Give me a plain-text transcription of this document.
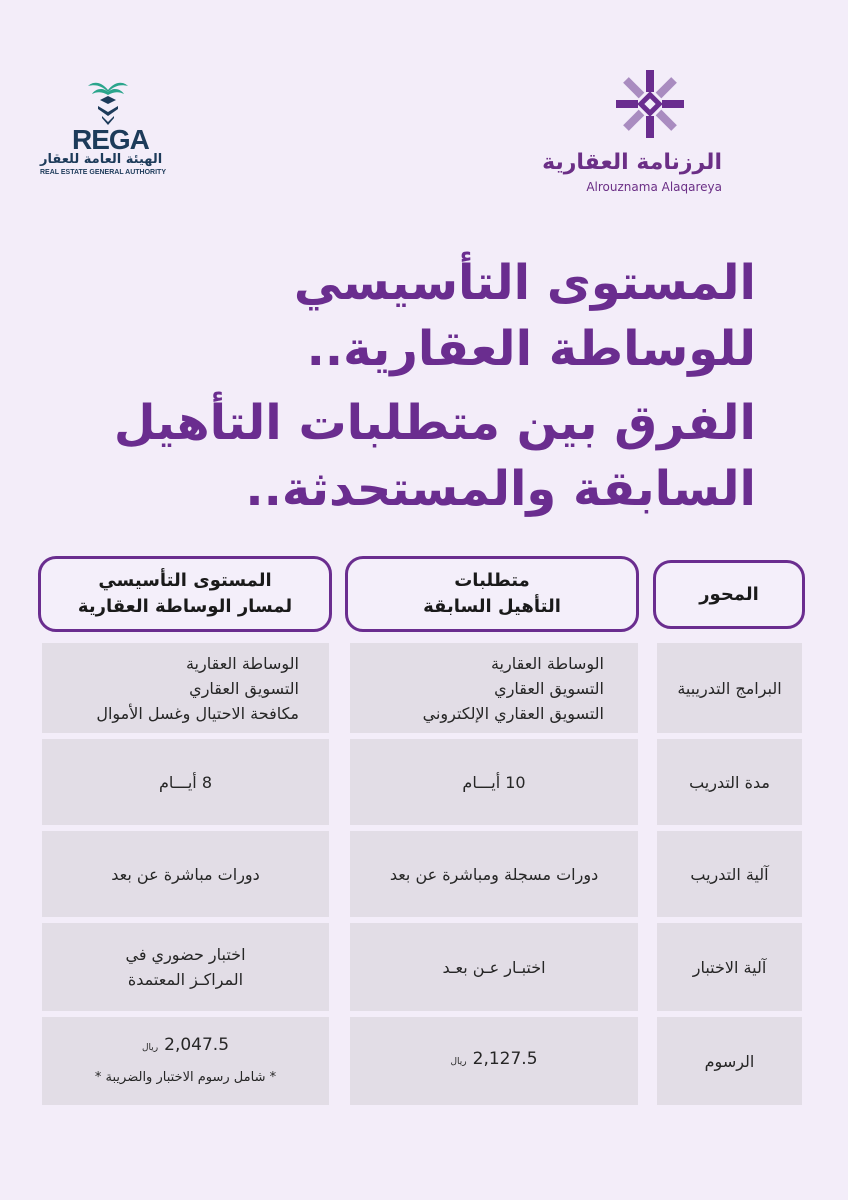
الرزنامة العقارية
Alrouznama Alaqareya
REGA
الهيئة العامة للعقار
REAL ESTATE GENERAL AUTHORITY
المستوى التأسيسي
للوساطة العقارية..
الفرق بين متطلبات التأهيل
السابقة والمستحدثة..
المحور
متطلبات
التأهيل السابقة
المستوى التأسيسي
لمسار الوساطة العقارية
البرامج التدريبية
الوساطة العقارية
التسويق العقاري
التسويق العقاري الإلكتروني
الوساطة العقارية
التسويق العقاري
مكافحة الاحتيال وغسل الأموال
مدة التدريب
10 أيـــام
8 أيـــام
آلية التدريب
دورات مسجلة ومباشرة عن بعد
دورات مباشرة عن بعد
آلية الاختبار
اختبـار عـن بعـد
اختبار حضوري في
المراكـز المعتمدة
الرسوم
ريال 2,127.5
ريال 2,047.5
* شامل رسوم الاختبار والضريبة *
